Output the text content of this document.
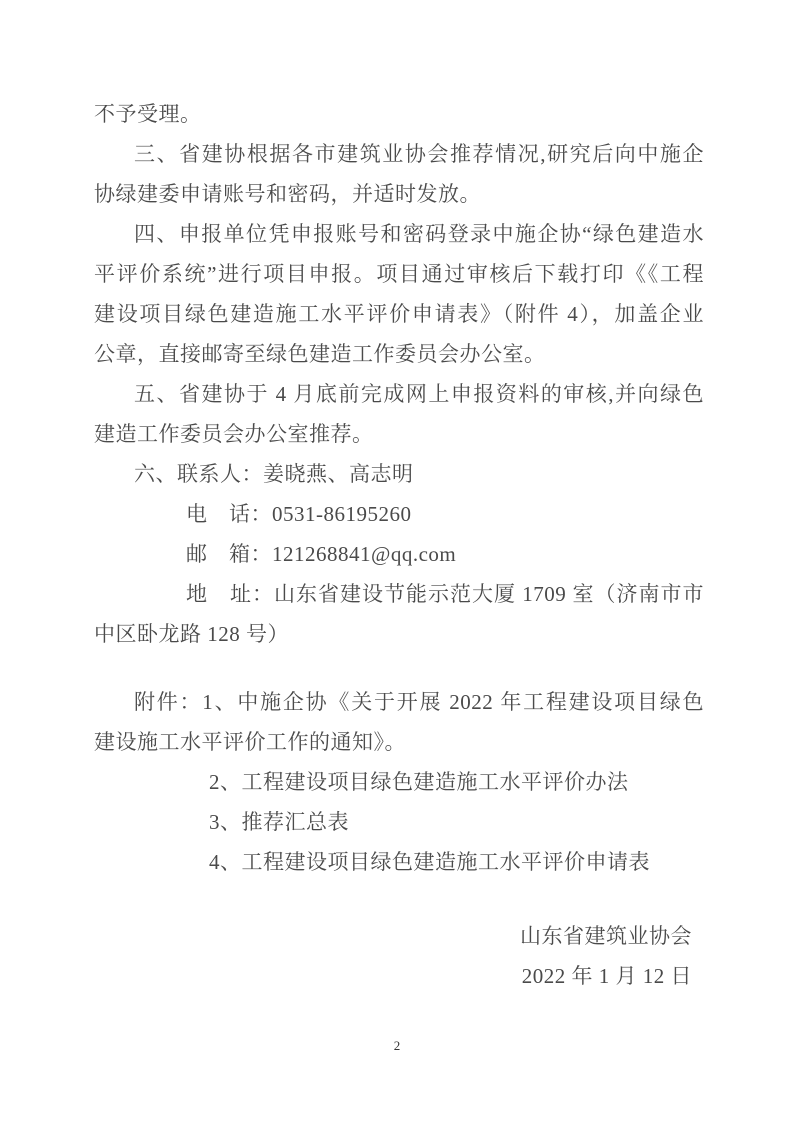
不予受理。
三、省建协根据各市建筑业协会推荐情况,研究后向中施企
协绿建委申请账号和密码，并适时发放。
四、申报单位凭申报账号和密码登录中施企协“绿色建造水
平评价系统”进行项目申报。项目通过审核后下载打印《《工程
建设项目绿色建造施工水平评价申请表》（附件 4），加盖企业
公章，直接邮寄至绿色建造工作委员会办公室。
五、省建协于 4 月底前完成网上申报资料的审核,并向绿色
建造工作委员会办公室推荐。
六、联系人：姜晓燕、高志明
电　话：0531-86195260
邮　箱：121268841@qq.com
地　址：山东省建设节能示范大厦 1709 室（济南市市
中区卧龙路 128 号）
附件：1、中施企协《关于开展 2022 年工程建设项目绿色
建设施工水平评价工作的通知》。
2、工程建设项目绿色建造施工水平评价办法
3、推荐汇总表
4、工程建设项目绿色建造施工水平评价申请表
山东省建筑业协会
2022 年 1 月 12 日
2
